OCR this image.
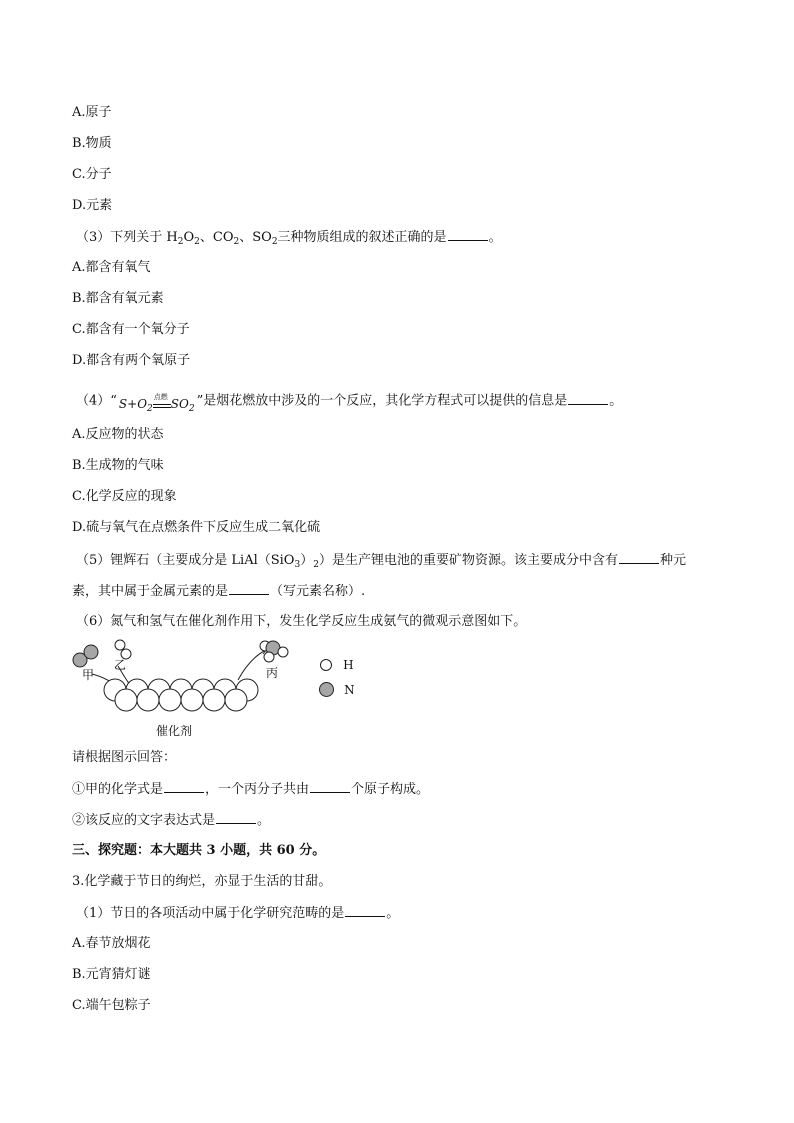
A.原子
B.物质
C.分子
D.元素
（3）下列关于 $H_2O_2$、$CO_2$、$SO_2$三种物质组成的叙述正确的是	。
A.都含有氧气
B.都含有氧元素
C.都含有一个氧分子
D.都含有两个氧原子
（4）“ $S+O_2$
点燃 $SO_2$”是烟花燃放中涉及的一个反应，其化学方程式可以提供的信息是	。
A.反应物的状态
B.生成物的气味
C.化学反应的现象
D.硫与氧气在点燃条件下反应生成二氧化硫
（5）锂辉石（主要成分是 $LiAl(SiO_3)_2$）是生产锂电池的重要矿物资源。该主要成分中含有	种元
素，其中属于金属元素的是	（写元素名称）.
（6）氮气和氢气在催化剂作用下，发生化学反应生成氨气的微观示意图如下。
甲
乙
丙
催化剂
H
N
请根据图示回答：
①甲的化学式是	，一个丙分子共由	个原子构成。
②该反应的文字表达式是	。
三、探究题：本大题共 3 小题，共 60 分。
3.化学藏于节日的绚烂，亦显于生活的甘甜。
（1）节日的各项活动中属于化学研究范畴的是	。
A.春节放烟花
B.元宵猜灯谜
C.端午包粽子
